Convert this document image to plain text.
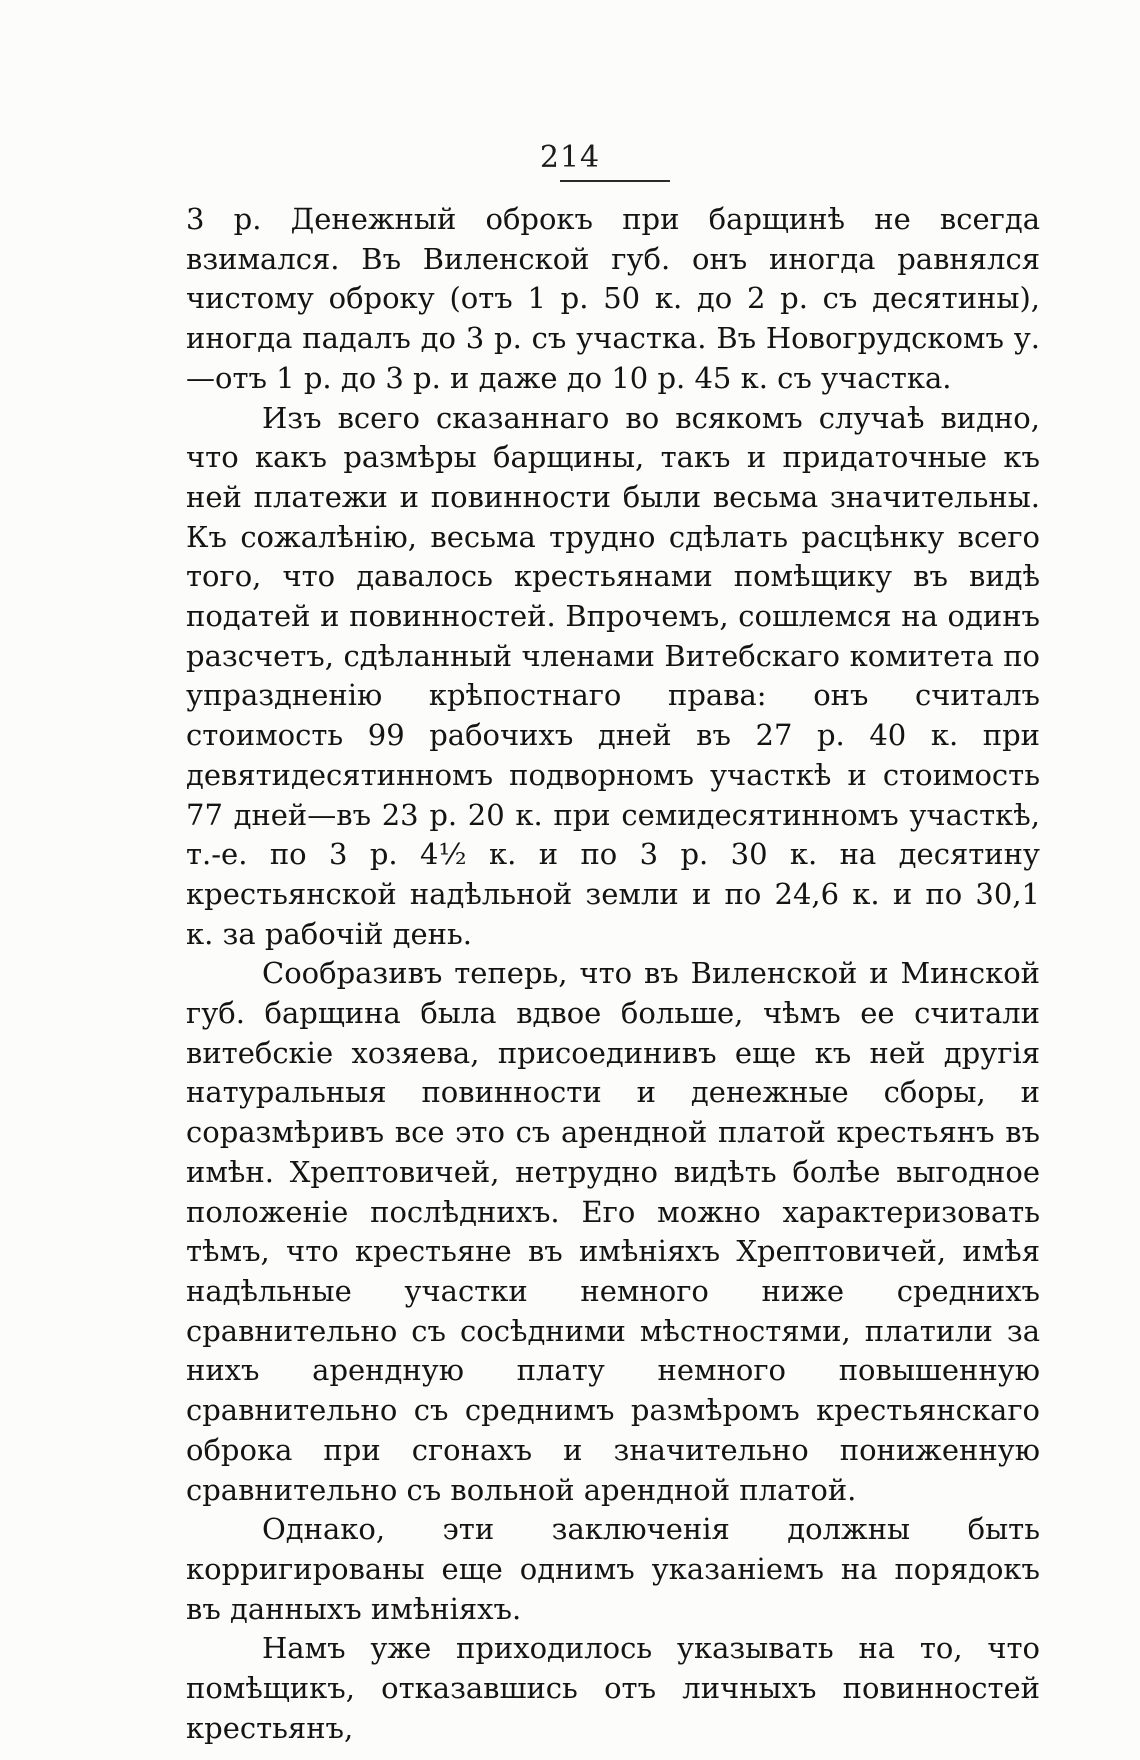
214

3 р. Денежный оброкъ при барщинѣ не всегда взимался. Въ Виленской губ. онъ иногда равнялся чистому оброку (отъ 1 р. 50 к. до 2 р. съ десятины), иногда падалъ до 3 р. съ участка. Въ Новогрудскомъ у.—отъ 1 р. до 3 р. и даже до 10 р. 45 к. съ участка.

Изъ всего сказаннаго во всякомъ случаѣ видно, что какъ размѣры барщины, такъ и придаточные къ ней платежи и повинности были весьма значительны. Къ сожалѣнію, весьма трудно сдѣлать расцѣнку всего того, что давалось крестьянами помѣщику въ видѣ податей и повинностей. Впрочемъ, сошлемся на одинъ разсчетъ, сдѣланный членами Витебскаго комитета по упраздненію крѣпостнаго права: онъ считалъ стоимость 99 рабочихъ дней въ 27 р. 40 к. при девятидесятинномъ подворномъ участкѣ и стоимость 77 дней—въ 23 р. 20 к. при семидесятинномъ участкѣ, т.-е. по 3 р. 4½ к. и по 3 р. 30 к. на десятину крестьянской надѣльной земли и по 24,6 к. и по 30,1 к. за рабочій день.

Сообразивъ теперь, что въ Виленской и Минской губ. барщина была вдвое больше, чѣмъ ее считали витебскіе хозяева, присоединивъ еще къ ней другія натуральныя повинности и денежные сборы, и соразмѣривъ все это съ арендной платой крестьянъ въ имѣн. Хрептовичей, нетрудно видѣть болѣе выгодное положеніе послѣднихъ. Его можно характеризовать тѣмъ, что крестьяне въ имѣніяхъ Хрептовичей, имѣя надѣльные участки немного ниже среднихъ сравнительно съ сосѣдними мѣстностями, платили за нихъ арендную плату немного повышенную сравнительно съ среднимъ размѣромъ крестьянскаго оброка при сгонахъ и значительно пониженную сравнительно съ вольной арендной платой.

Однако, эти заключенія должны быть корригированы еще однимъ указаніемъ на порядокъ въ данныхъ имѣніяхъ.

Намъ уже приходилось указывать на то, что помѣщикъ, отказавшись отъ личныхъ повинностей крестьянъ,
